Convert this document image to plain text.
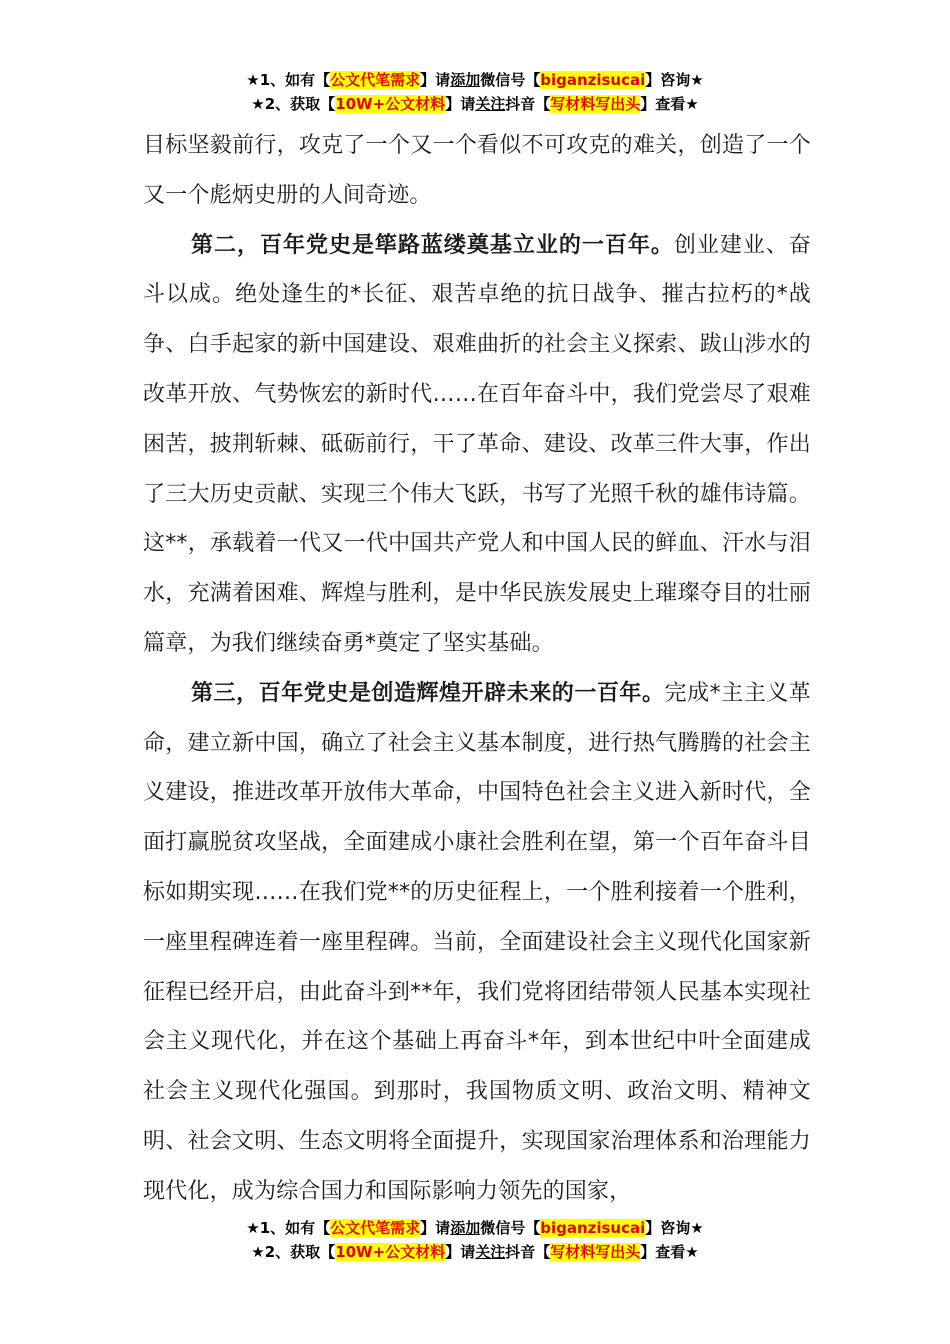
★1、如有【公文代笔需求】请添加微信号【biganzisucai】咨询★
★2、获取【10W+公文材料】请关注抖音【写材料写出头】查看★

目标坚毅前行，攻克了一个又一个看似不可攻克的难关，创造了一个又一个彪炳史册的人间奇迹。

第二，百年党史是筚路蓝缕奠基立业的一百年。创业建业、奋斗以成。绝处逢生的*长征、艰苦卓绝的抗日战争、摧古拉朽的*战争、白手起家的新中国建设、艰难曲折的社会主义探索、跋山涉水的改革开放、气势恢宏的新时代……在百年奋斗中，我们党尝尽了艰难困苦，披荆斩棘、砥砺前行，干了革命、建设、改革三件大事，作出了三大历史贡献、实现三个伟大飞跃，书写了光照千秋的雄伟诗篇。这**，承载着一代又一代中国共产党人和中国人民的鲜血、汗水与泪水，充满着困难、辉煌与胜利，是中华民族发展史上璀璨夺目的壮丽篇章，为我们继续奋勇*奠定了坚实基础。

第三，百年党史是创造辉煌开辟未来的一百年。完成*主主义革命，建立新中国，确立了社会主义基本制度，进行热气腾腾的社会主义建设，推进改革开放伟大革命，中国特色社会主义进入新时代，全面打赢脱贫攻坚战，全面建成小康社会胜利在望，第一个百年奋斗目标如期实现……在我们党**的历史征程上，一个胜利接着一个胜利，一座里程碑连着一座里程碑。当前，全面建设社会主义现代化国家新征程已经开启，由此奋斗到**年，我们党将团结带领人民基本实现社会主义现代化，并在这个基础上再奋斗*年，到本世纪中叶全面建成社会主义现代化强国。到那时，我国物质文明、政治文明、精神文明、社会文明、生态文明将全面提升，实现国家治理体系和治理能力现代化，成为综合国力和国际影响力领先的国家，

★1、如有【公文代笔需求】请添加微信号【biganzisucai】咨询★
★2、获取【10W+公文材料】请关注抖音【写材料写出头】查看★
